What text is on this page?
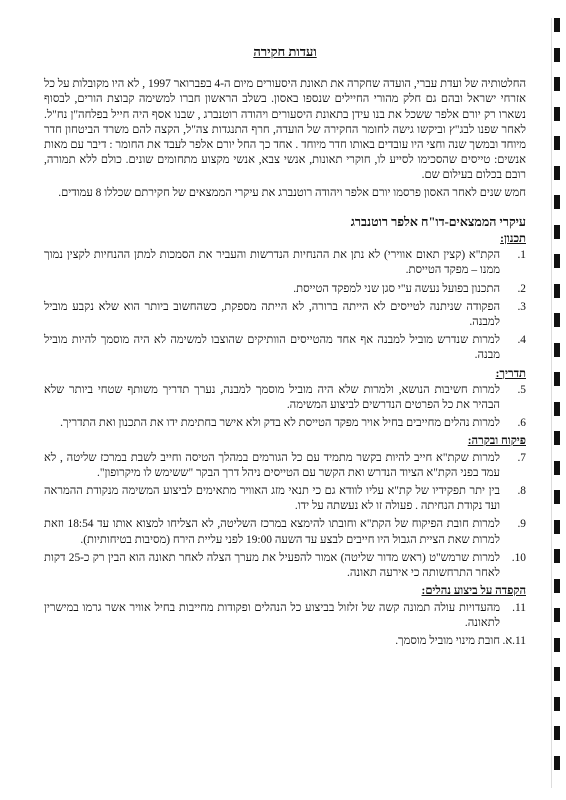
ועדות חקירה

החלטותיה של ועדת עברי, הועדה שחקרה את תאונת היסעורים מיום ה-4 בפברואר 1997 , לא היו מקובלות על כל אזרחי ישראל ובהם גם חלק מהורי החיילים שנספו באסון. בשלב הראשון חברו למשימה קבוצת הורים, לבסוף נשארו רק יורם אלפר ששכל את בנו עידן בתאונת היסעורים ויהודה רוטנברג , שבנו אסף היה חייל בפלחה"ן נח"ל. לאחר שפנו לבג"ץ וביקשו גישה לחומר החקירה של הועדה, חרף התנגדות צה"ל, הקצה להם משרד הביטחון חדר מיוחד ובמשך שנה וחצי היו עובדים באותו חדר מיוחד . אחד כך החל יורם אלפר לעבד את החומר : דיבר עם מאות אנשים: טייסים שהסכימו לסייע לו, חוקרי תאונות, אנשי צבא, אנשי מקצוע מתחומים שונים. כולם ללא תמורה, רובם בכלום בעילום שם.

חמש שנים לאחר האסון פרסמו יורם אלפר ויהודה רוטנברג את עיקרי הממצאים של חקירתם שכללו 8 עמודים.

עיקרי הממצאים-דו"ח אלפר רוטנברג
תכנון:
1.
הקת"א (קצין תאום אווירי) לא נתן את ההנחיות הנדרשות והעביר את הסמכות למתן ההנחיות לקצין נמוך ממנו – מפקד הטייסת.
2.
התכנון בפועל נעשה ע"י סגן שני למפקד הטייסת.
3.
הפקודה שניתנה לטייסים לא הייתה ברורה, לא הייתה מספקת, כשהחשוב ביותר הוא שלא נקבע מוביל למבנה.
4.
למרות שנדרש מוביל למבנה אף אחד מהטייסים הוותיקים שהוצבו למשימה לא היה מוסמך להיות מוביל מבנה.
תדריך:
5.
למרות חשיבות הנושא, ולמרות שלא היה מוביל מוסמך למבנה, נערך תדריך משותף שטחי ביותר שלא הבהיר את כל הפרטים הנדרשים לביצוע המשימה.
6.
למרות נהלים מחייבים בחיל אויר מפקד הטייסת לא בדק ולא אישר בחתימת ידו את התכנון ואת התדריך.
פיקוח ובקרה:
7.
למרות שקת"א חייב להיות בקשר מתמיד עם כל הגורמים במהלך הטיסה וחייב לשבת במרכז שליטה , לא עמד בפני הקת"א הציוד הנדרש ואת הקשר עם הטייסים ניהל דרך הבקר "ששימש לו מיקרופון".
8.
בין יתר תפקידיו של קת"א עליו לוודא גם כי תנאי מזג האוויר מתאימים לביצוע המשימה מנקודת ההמראה ועד נקודת הנחיתה . פעולה זו לא נעשתה על ידו.
9.
למרות חובת הפיקוח של הקת"א וחובתו להימצא במרכז השליטה, לא הצליחו למצוא אותו עד 18:54 וזאת למרות שאת הציית הגבול היו חייבים לבצע עד השעה 19:00 לפני עליית הירח (מסיבות בטיחותיות).
10.
למרות שרמש"ט (ראש מדור שליטה) אמור להפעיל את מערך הצלה לאחר תאונה הוא הבין רק כ-25 דקות לאחר התרחשותה כי אירעה תאונה.
הקפדה על ביצוע נהלים:
11.
מהעדויות עולה תמונה קשה של זלזול בביצוע כל הנהלים ופקודות מחייבות בחיל אוויר אשר גרמו במישרין לתאונה.
11.א.
חובת מינוי מוביל מוסמך.
